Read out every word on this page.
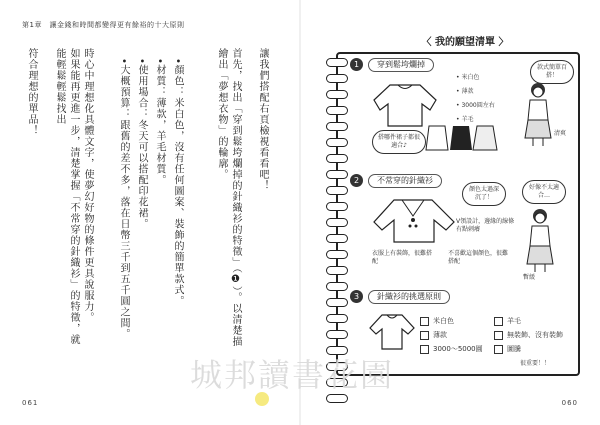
第1章　讓金錢和時間都變得更有餘裕的十大原則
讓我們搭配右頁檢視看看吧！
首先，找出「穿到鬆垮爛掉的針織衫的特徵」（❶）。以清楚描繪出「夢想衣物」的輪廓。
•顏色：米白色，沒有任何圖案、裝飾的簡單款式。
•材質：薄款，羊毛材質。
•使用場合：冬天可以搭配印花裙。
•大概預算：跟舊的差不多，落在日幣三千到五千圓之間。
時心中理想化具體文字，使夢幻好物的條件更具說服力。
如果能再更進一步，清楚掌握「不常穿的針織衫」的特徵，就能輕鬆輕鬆找出
符合理想的單品！
061
〈 我的願望清單 〉
1	穿到鬆垮爛掉
• 米白色
• 薄款
• 3000圓左右
• 羊毛
搭哪件裙子都很適合♪
款式簡單百搭！
清爽
2	不常穿的針織衫
顏色太過深沉了！
V領設計，邊緣的線條有點刺癢
衣服上有裝飾，很難搭配
不喜歡這個顏色，很難搭配
好像不太適合…
暫緩
3	針織衫的挑選原則
米白色
薄款
3000～5000圓
羊毛
無裝飾、沒有裝飾
圖騰
很重要！！
060
城邦讀書花園
